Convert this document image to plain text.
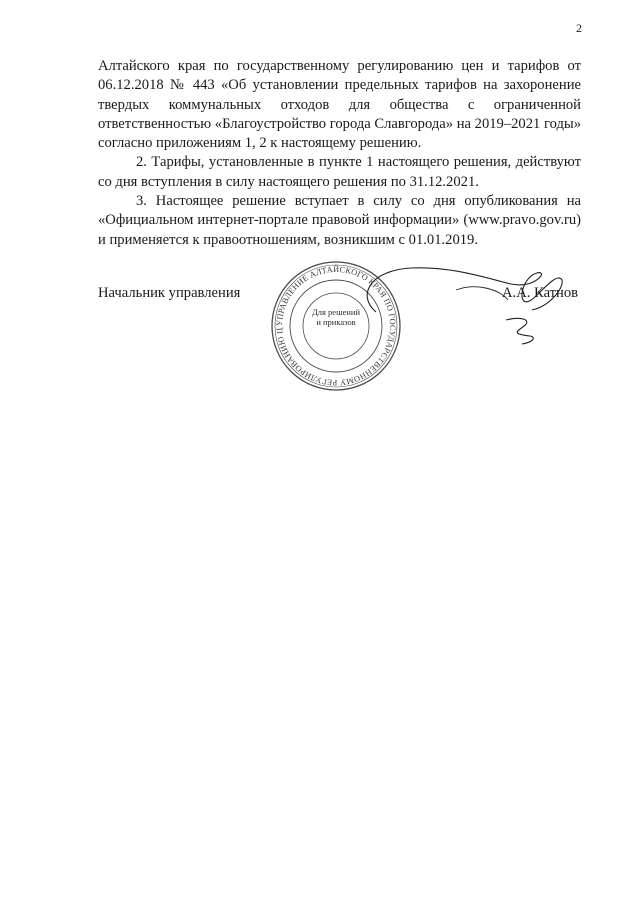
2

Алтайского края по государственному регулированию цен и тарифов от 06.12.2018 № 443 «Об установлении предельных тарифов на захоронение твердых коммунальных отходов для общества с ограниченной ответственностью «Благоустройство города Славгорода» на 2019–2021 годы» согласно приложениям 1, 2 к настоящему решению.

2. Тарифы, установленные в пункте 1 настоящего решения, действуют со дня вступления в силу настоящего решения по 31.12.2021.

3. Настоящее решение вступает в силу со дня опубликования на «Официальном интернет-портале правовой информации» (www.pravo.gov.ru) и применяется к правоотношениям, возникшим с 01.01.2019.

Начальник управления
УПРАВЛЕНИЕ АЛТАЙСКОГО КРАЯ ПО ГОСУДАРСТВЕННОМУ РЕГУЛИРОВАНИЮ Ц
Для решений
и приказов
А.А. Катнов
